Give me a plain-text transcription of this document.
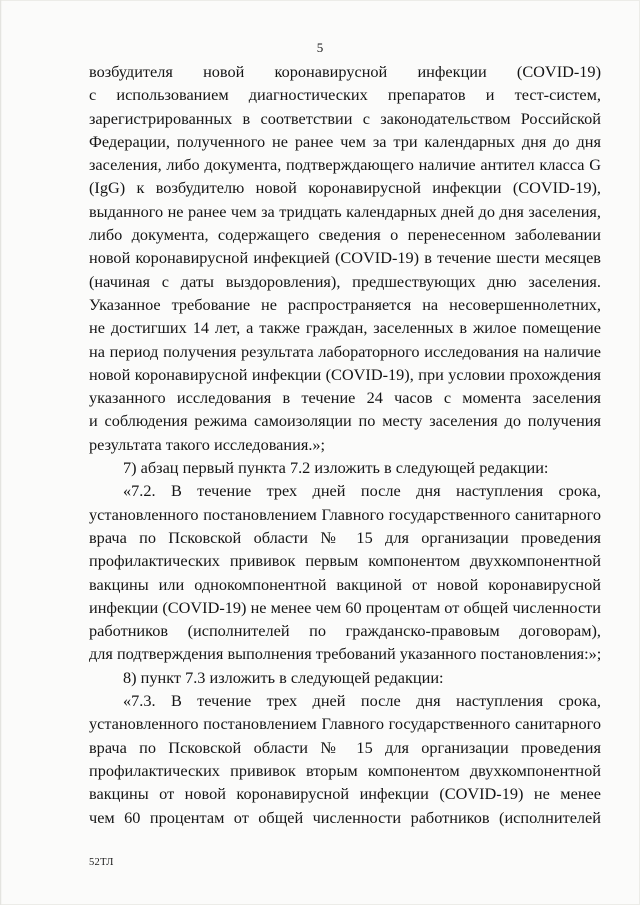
5

возбудителя новой коронавирусной инфекции (COVID-19)
с использованием диагностических препаратов и тест-систем,
зарегистрированных в соответствии с законодательством Российской
Федерации, полученного не ранее чем за три календарных дня до дня
заселения, либо документа, подтверждающего наличие антител класса G
(IgG) к возбудителю новой коронавирусной инфекции (COVID-19),
выданного не ранее чем за тридцать календарных дней до дня заселения,
либо документа, содержащего сведения о перенесенном заболевании
новой коронавирусной инфекцией (COVID-19) в течение шести месяцев
(начиная с даты выздоровления), предшествующих дню заселения.
Указанное требование не распространяется на несовершеннолетних,
не достигших 14 лет, а также граждан, заселенных в жилое помещение
на период получения результата лабораторного исследования на наличие
новой коронавирусной инфекции (COVID-19), при условии прохождения
указанного исследования в течение 24 часов с момента заселения
и соблюдения режима самоизоляции по месту заселения до получения
результата такого исследования.»;

7) абзац первый пункта 7.2 изложить в следующей редакции:

«7.2. В течение трех дней после дня наступления срока,
установленного постановлением Главного государственного санитарного
врача по Псковской области № 15 для организации проведения
профилактических прививок первым компонентом двухкомпонентной
вакцины или однокомпонентной вакциной от новой коронавирусной
инфекции (COVID-19) не менее чем 60 процентам от общей численности
работников (исполнителей по гражданско-правовым договорам),
для подтверждения выполнения требований указанного постановления:»;

8) пункт 7.3 изложить в следующей редакции:

«7.3. В течение трех дней после дня наступления срока,
установленного постановлением Главного государственного санитарного
врача по Псковской области № 15 для организации проведения
профилактических прививок вторым компонентом двухкомпонентной
вакцины от новой коронавирусной инфекции (COVID-19) не менее
чем 60 процентам от общей численности работников (исполнителей

52ТЛ
